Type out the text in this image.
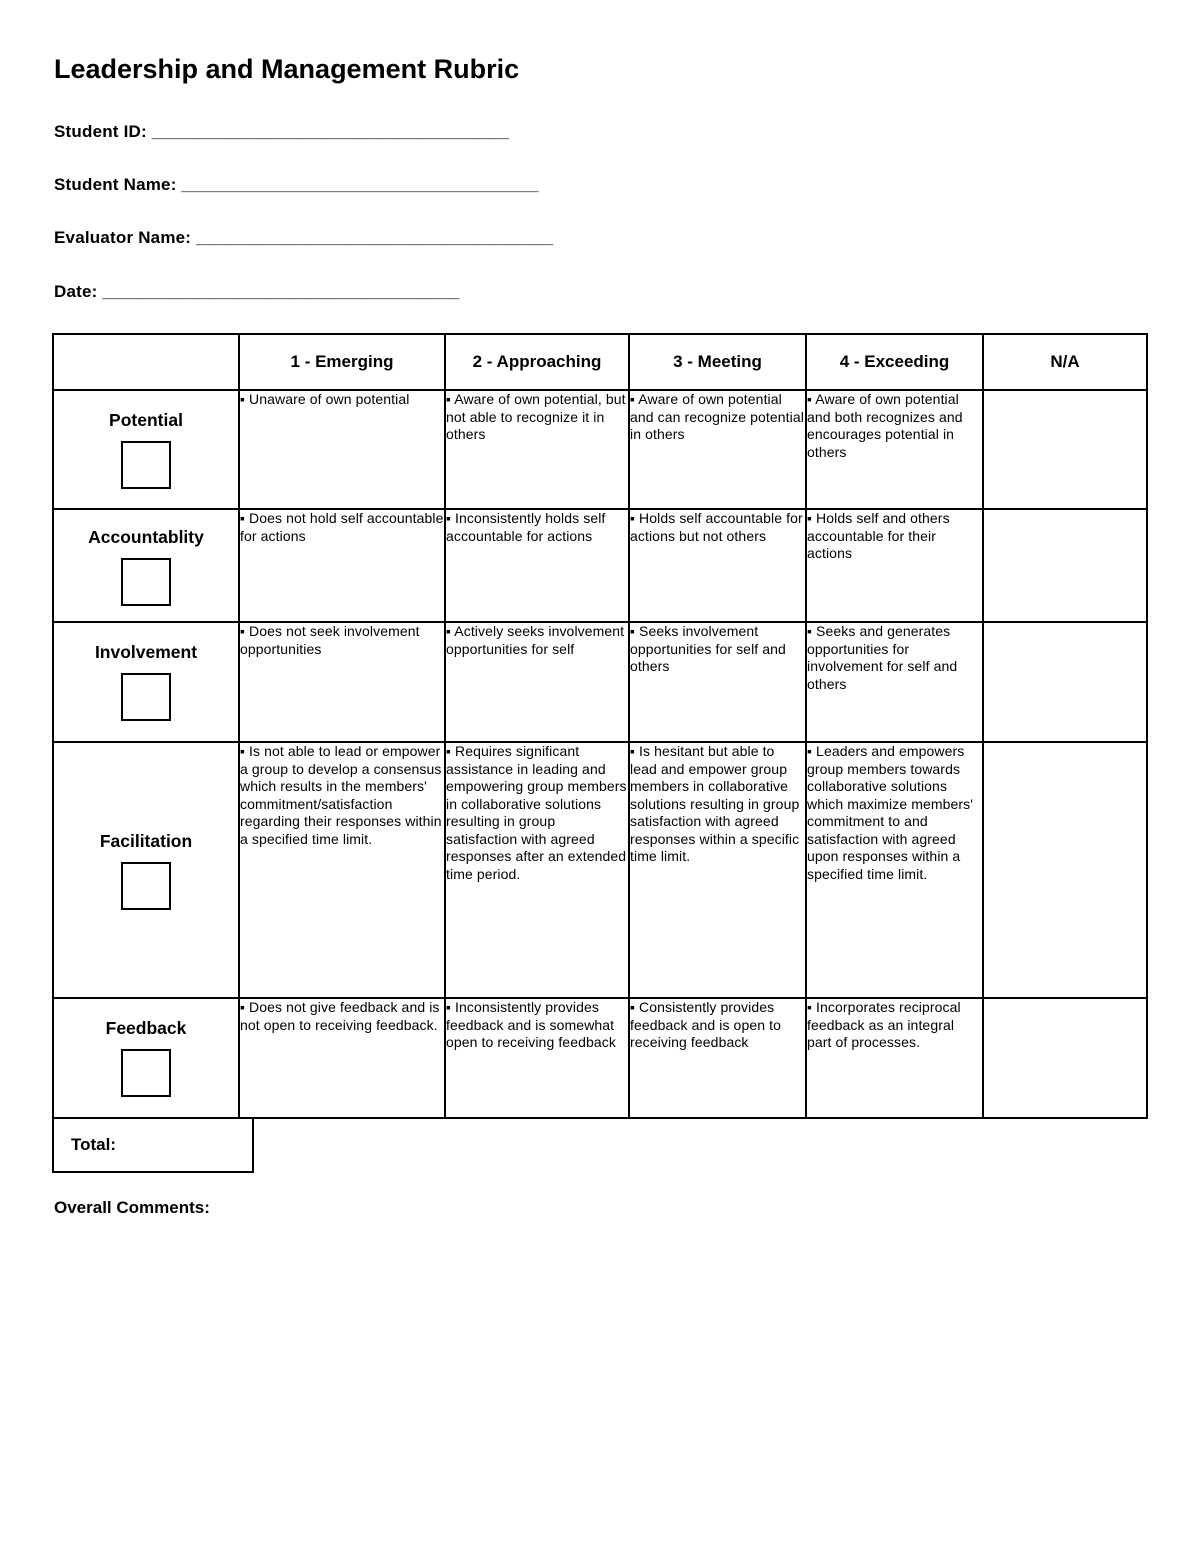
Leadership and Management Rubric
Student ID: _____________________________________
Student Name: _____________________________________
Evaluator Name: _____________________________________
Date: _____________________________________
	1 - Emerging	2 - Approaching	3 - Meeting	4 - Exceeding	N/A

Potential	▪ Unaware of own potential	▪ Aware of own potential, but not able to recognize it in others	▪ Aware of own potential and can recognize potential in others	▪ Aware of own potential and both recognizes and encourages potential in others	

Accountablity	▪ Does not hold self accountable for actions	▪ Inconsistently holds self accountable for actions	▪ Holds self accountable for actions but not others	▪ Holds self and others accountable for their actions	

Involvement	▪ Does not seek involvement opportunities	▪ Actively seeks involvement opportunities for self	▪ Seeks involvement opportunities for self and others	▪ Seeks and generates opportunities for involvement for self and others	

Facilitation	▪ Is not able to lead or empower a group to develop a consensus which results in the members' commitment/satisfaction regarding their responses within a specified time limit.	▪ Requires significant assistance in leading and empowering group members in collaborative solutions resulting in group satisfaction with agreed responses after an extended time period.	▪ Is hesitant but able to lead and empower group members in collaborative solutions resulting in group satisfaction with agreed responses within a specific time limit.	▪ Leaders and empowers group members towards collaborative solutions which maximize members' commitment to and satisfaction with agreed upon responses within a specified time limit.	

Feedback	▪ Does not give feedback and is not open to receiving feedback.	▪ Inconsistently provides feedback and is somewhat open to receiving feedback	▪ Consistently provides feedback and is open to receiving feedback	▪ Incorporates reciprocal feedback as an integral part of processes.	

Total:
Overall Comments:
